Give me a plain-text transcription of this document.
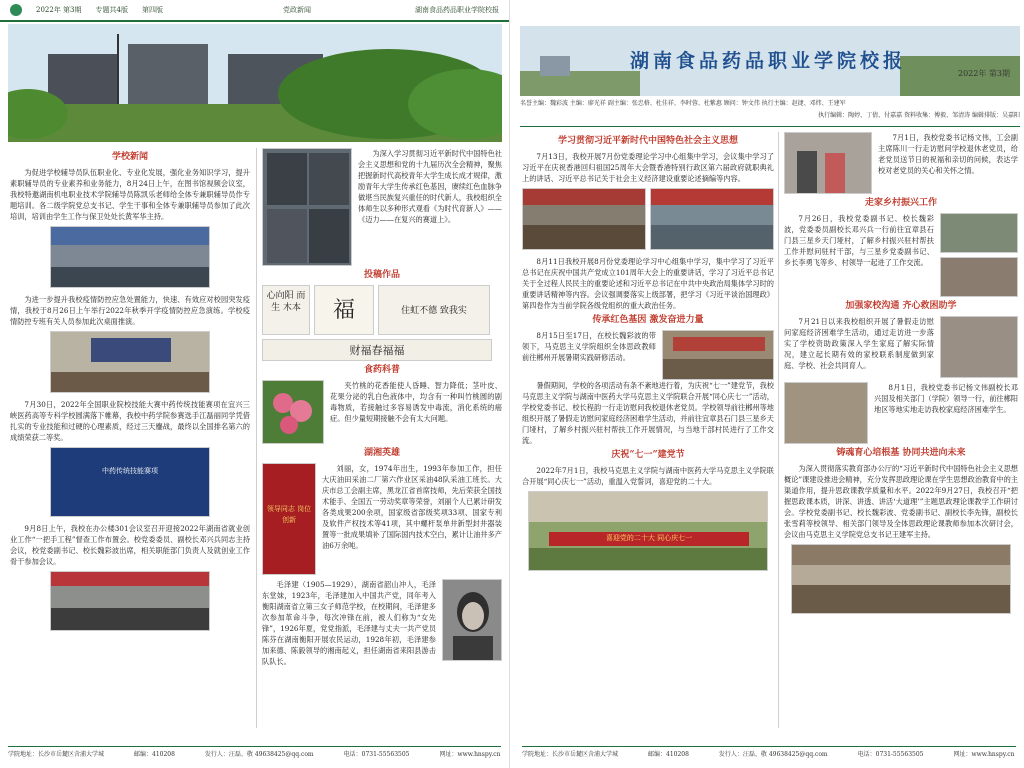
2022年 第3期 专题共4版 第四版	党政新闻	湖南食品药品职业学院校报
学校新闻

为促进学校辅导员队伍职业化、专业化发展，强化业务知识学习，提升素职辅导员的专业素养和业务能力，8月24日上午，在图书馆视频会议室，我校特邀湖南机电职业技术学院辅导员陈凯乐老师给全体专兼职辅导员作专题培训。各二级学院党总支书记、学生干事和全体专兼职辅导员参加了此次培训，培训由学生工作与保卫处处长黄军华主持。

为进一步提升我校疫情防控应急处置能力，快速、有效应对校园突发疫情，我校于8月26日上午举行2022年秋季开学疫情防控应急演练。学校疫情防控专班有关人员参加此次桌面推演。

7月30日，2022年全国职业院校技能大赛中药传统技能赛项在宜兴三峡医药高等专科学校圆满落下帷幕，我校中药学院参赛选手江磊丽同学凭借扎实的专业技能和过硬的心理素质，经过三天鏖战，最终以全国排名第六的成绩荣获二等奖。

中药传统技能赛项

9月8日上午，我校在办公楼301会议室召开迎接2022年湖南省就业创业工作“一把手工程”督查工作布置会。校党委委员、副校长邓兴兵同志主持会议，校党委副书记、校长魏彩波出席，相关职能部门负责人及就创业工作骨干参加会议。

为深入学习贯彻习近平新时代中国特色社会主义思想和党的十九届历次全会精神，聚焦把握新时代高校青年大学生成长成才规律，激励青年大学生传承红色基因，赓续红色血脉争做堪当民族复兴重任的时代新人，我校组织全体师生以多种形式观看《为时代育新人》——《迈力——在复兴的赛道上》。

投稿作品
心向阳 而生 木本	福	住虹不德 致我实
财福春福福
食药科普

夹竹桃的花香能使人昏睡、智力降低；茎叶皮、花果分泌的乳白色液体中，均含有一种叫竹桃圆的剧毒物质，若接触过多容易诱发中毒流，消化系统的癌症。但少量短期接触不会有太大问题。

湖湘英雄
领导同志 岗位创新

刘丽，女，1974年出生，1993年参加工作，担任大庆油田采油二厂第六作业区采油48队采油工班长。大庆市总工会副主席，黑龙江省首席技师，先后荣获全国技术能手、全国五一劳动奖章等荣誉，刘丽个人已累计研发各类成果200余项，国家级省部级奖项33项、国家专利及软件产权技术等41项，其中螺杆泵单井新型封井器装置等一批成果填补了国际国内技术空白，累计让油井多产油6万余吨。

毛泽建（1905—1929），湖南省韶山冲人，毛泽东堂妹，1923年，毛泽建加入中国共产党，同年考入衡阳湖南省立第三女子师范学校，在校期间，毛泽建多次参加革命斗争，每次冲锋在前，被人们称为“女先锋”，1926年夏，党党指派，毛泽建与丈夫一共产党员陈芬在湖南衡阳开展农民运动，1928年初，毛泽建参加来德、陈毅领导的湘南起义，担任湖南省来阳县游击队队长。

学院地址：长沙市岳麓区含浦大学城	邮编：410208	发行人：汪磊、敬 49638425@qq.com	电话：0731-55563505	网址：www.hnspy.cn
湖南食品药品职业学院校报
2022年 第3期
名誉主编：魏彩波 主编：廖光祥 副主编：张忠格、杜佳祥、李时蓉、杜紫惠 顾问：钟文伟 执行主编：赵捷、邓炜、王建军
执行编辑：陶婷、丁倩、付嘉嘉 资料收集：傅毅、邹清涛 编辑排版：吴嘉阳
学习贯彻习近平新时代中国特色社会主义思想

7月13日，我校开展7月份党委理论学习中心组集中学习，会议集中学习了习近平在庆祝香港回归祖国25周年大会暨香港特别行政区第六届政府就职典礼上的讲话、习近平总书记关于社会主义经济建设重要论述摘编等内容。

8月11日我校开展8月份党委理论学习中心组集中学习，集中学习了习近平总书记在庆祝中国共产党成立101周年大会上的重要讲话，学习了习近平总书记关于全过程人民民主的重要论述和习近平总书记在中共中央政治局集体学习时的重要讲话精神等内容。会议强调要落实上级部署，把学习《习近平谈治国理政》第四卷作为当前学院各级党组织的重大政治任务。

传承红色基因 激发奋进力量

8月15日至17日，在校长魏彩波的带领下，马克思主义学院组织全体思政教师前往郴州开展暑期实践研修活动。

暑假期间，学校的各项活动有条不紊地进行着，为庆祝“七一”建党节，我校马克思主义学院与湖南中医药大学马克思主义学院联合开展“同心庆七一”活动，学校党委书记、校长程韵一行走访慰问我校退休老党员。学校领导前往郴州等地组织开展了暑假走访慰问家庭经济困难学生活动，并前往宜章县石门县三星乡天门垭村，了解乡村振兴驻村帮扶工作开展情况，与当地干部村民进行了工作交流。

庆祝“七一”建党节

2022年7月1日，我校马克思主义学院与湖南中医药大学马克思主义学院联合开展“同心庆七一”活动，重温入党誓词，喜迎党的二十大。

喜迎党的二十大 同心庆七一

7月1日，我校党委书记杨文伟，工会副主席陈川一行走访慰问学校退休老党员，给老党员送节日的祝福和亲切的问候，表达学校对老党员的关心和关怀之情。

走家乡村振兴工作

7月26日，我校党委副书记、校长魏彩波，党委委员副校长邓兴兵一行前往宜章县石门县三星乡天门垭村，了解乡村振兴驻村帮扶工作并慰问驻村干部，与三星乡党委副书记、乡长李勇飞等乡、村领导一起进了工作交流。

加强家校沟通 齐心救困助学

7月21日以来我校组织开展了暑假走访慰问家庭经济困难学生活动，通过走访进一步落实了学校资助政策深入学生家庭了解实际情况，建立起长期有效的家校联系制度做到家庭、学校、社会共同育人。

8月1日，我校党委书记杨文伟副校长邓兴国及相关部门（学院）领导一行，前往郴阳地区等地实地走访我校家庭经济困难学生。

铸魂育心培根基 协同共进向未来

为深入贯彻落实教育部办公厅的“习近平新时代中国特色社会主义思想概论”课建设推进会精神，充分发挥思政理论课在学生思想政治教育中的主渠道作用，提升思政课教学质量和水平。2022年9月27日，我校召开“把握思政课本质，讲深、讲透、讲活‘大道理’”主题思政理论课教学工作研讨会。学校党委副书记、校长魏彩波、党委副书记、副校长李先锋，副校长张雪莉等校领导、相关部门领导及全体思政理论课教师参加本次研讨会，会议由马克思主义学院党总支书记王建军主持。

学院地址：长沙市岳麓区含浦大学城	邮编：410208	发行人：汪磊、敬 49638425@qq.com	电话：0731-55563505	网址：www.hnspy.cn
